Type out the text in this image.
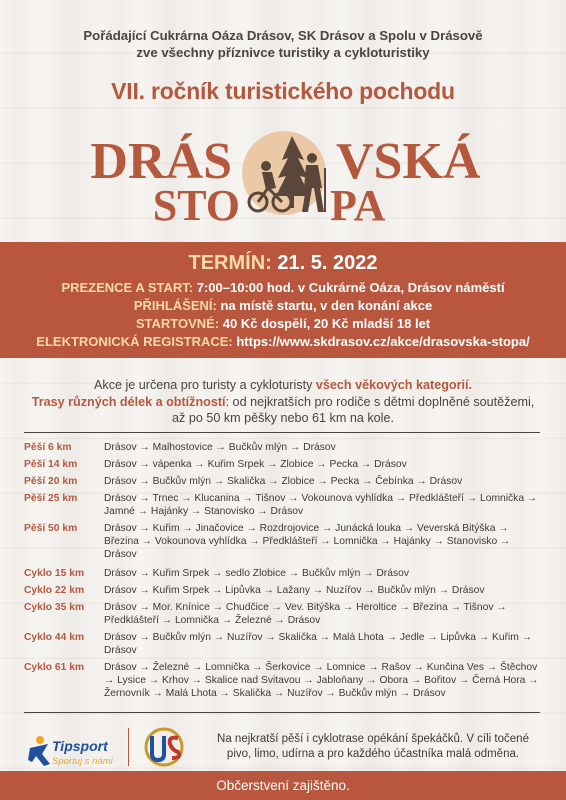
Pořádající Cukrárna Oáza Drásov, SK Drásov a Spolu v Drásově
zve všechny příznivce turistiky a cykloturistiky
VII. ročník turistického pochodu
DRÁS VSKÁ
STO PA
TERMÍN: 21. 5. 2022
PREZENCE A START: 7:00–10:00 hod. v Cukrárně Oáza, Drásov náměstí
PŘIHLÁŠENÍ: na místě startu, v den konání akce
STARTOVNÉ: 40 Kč dospělí, 20 Kč mladší 18 let
ELEKTRONICKÁ REGISTRACE: https://www.skdrasov.cz/akce/drasovska-stopa/
Akce je určena pro turisty a cykloturisty všech věkových kategorií.
Trasy různých délek a obtížností: od nejkratších pro rodiče s dětmi doplněné soutěžemi,
až po 50 km pěšky nebo 61 km na kole.
Pěší 6 km	Drásov → Malhostovice → Bučkův mlýn → Drásov
Pěší 14 km	Drásov → vápenka → Kuřim Srpek → Zlobice → Pecka → Drásov
Pěší 20 km	Drásov → Bučkův mlýn → Skalička → Zlobice → Pecka → Čebínka → Drásov
Pěší 25 km	Drásov → Trnec → Klucanina → Tišnov → Vokounova vyhlídka → Předklášteří → Lomnička → Jamné → Hajánky → Stanovisko → Drásov
Pěší 50 km	Drásov → Kuřim → Jinačovice → Rozdrojovice → Junácká louka → Veverská Bitýška → Březina → Vokounova vyhlídka → Předklášteří → Lomnička → Hajánky → Stanovisko → Drásov
Cyklo 15 km Drásov → Kuřim Srpek → sedlo Zlobice → Bučkův mlýn → Drásov
Cyklo 22 km Drásov → Kuřim Srpek → Lipůvka → Lažany → Nuzířov → Bučkův mlýn → Drásov
Cyklo 35 km Drásov → Mor. Knínice → Chudčice → Vev. Bitýška → Heroltice → Březina → Tišnov → Předklášteří → Lomnička → Železné → Drásov
Cyklo 44 km Drásov → Bučkův mlýn → Nuzířov → Skalička → Malá Lhota → Jedle → Lipůvka → Kuřim → Drásov
Cyklo 61 km Drásov → Železné → Lomnička → Šerkovice → Lomnice → Rašov → Kunčina Ves → Štěchov → Lysice → Krhov → Skalice nad Svitavou → Jabloňany → Obora → Bořitov → Černá Hora → Žernovník → Malá Lhota → Skalička → Nuzířov → Bučkův mlýn → Drásov
Tipsport
Sportuj s námi
Na nejkratší pěší i cyklotrase opékání špekáčků. V cíli točené pivo, limo, udírna a pro každého účastníka malá odměna.
Občerstvení zajištěno.
